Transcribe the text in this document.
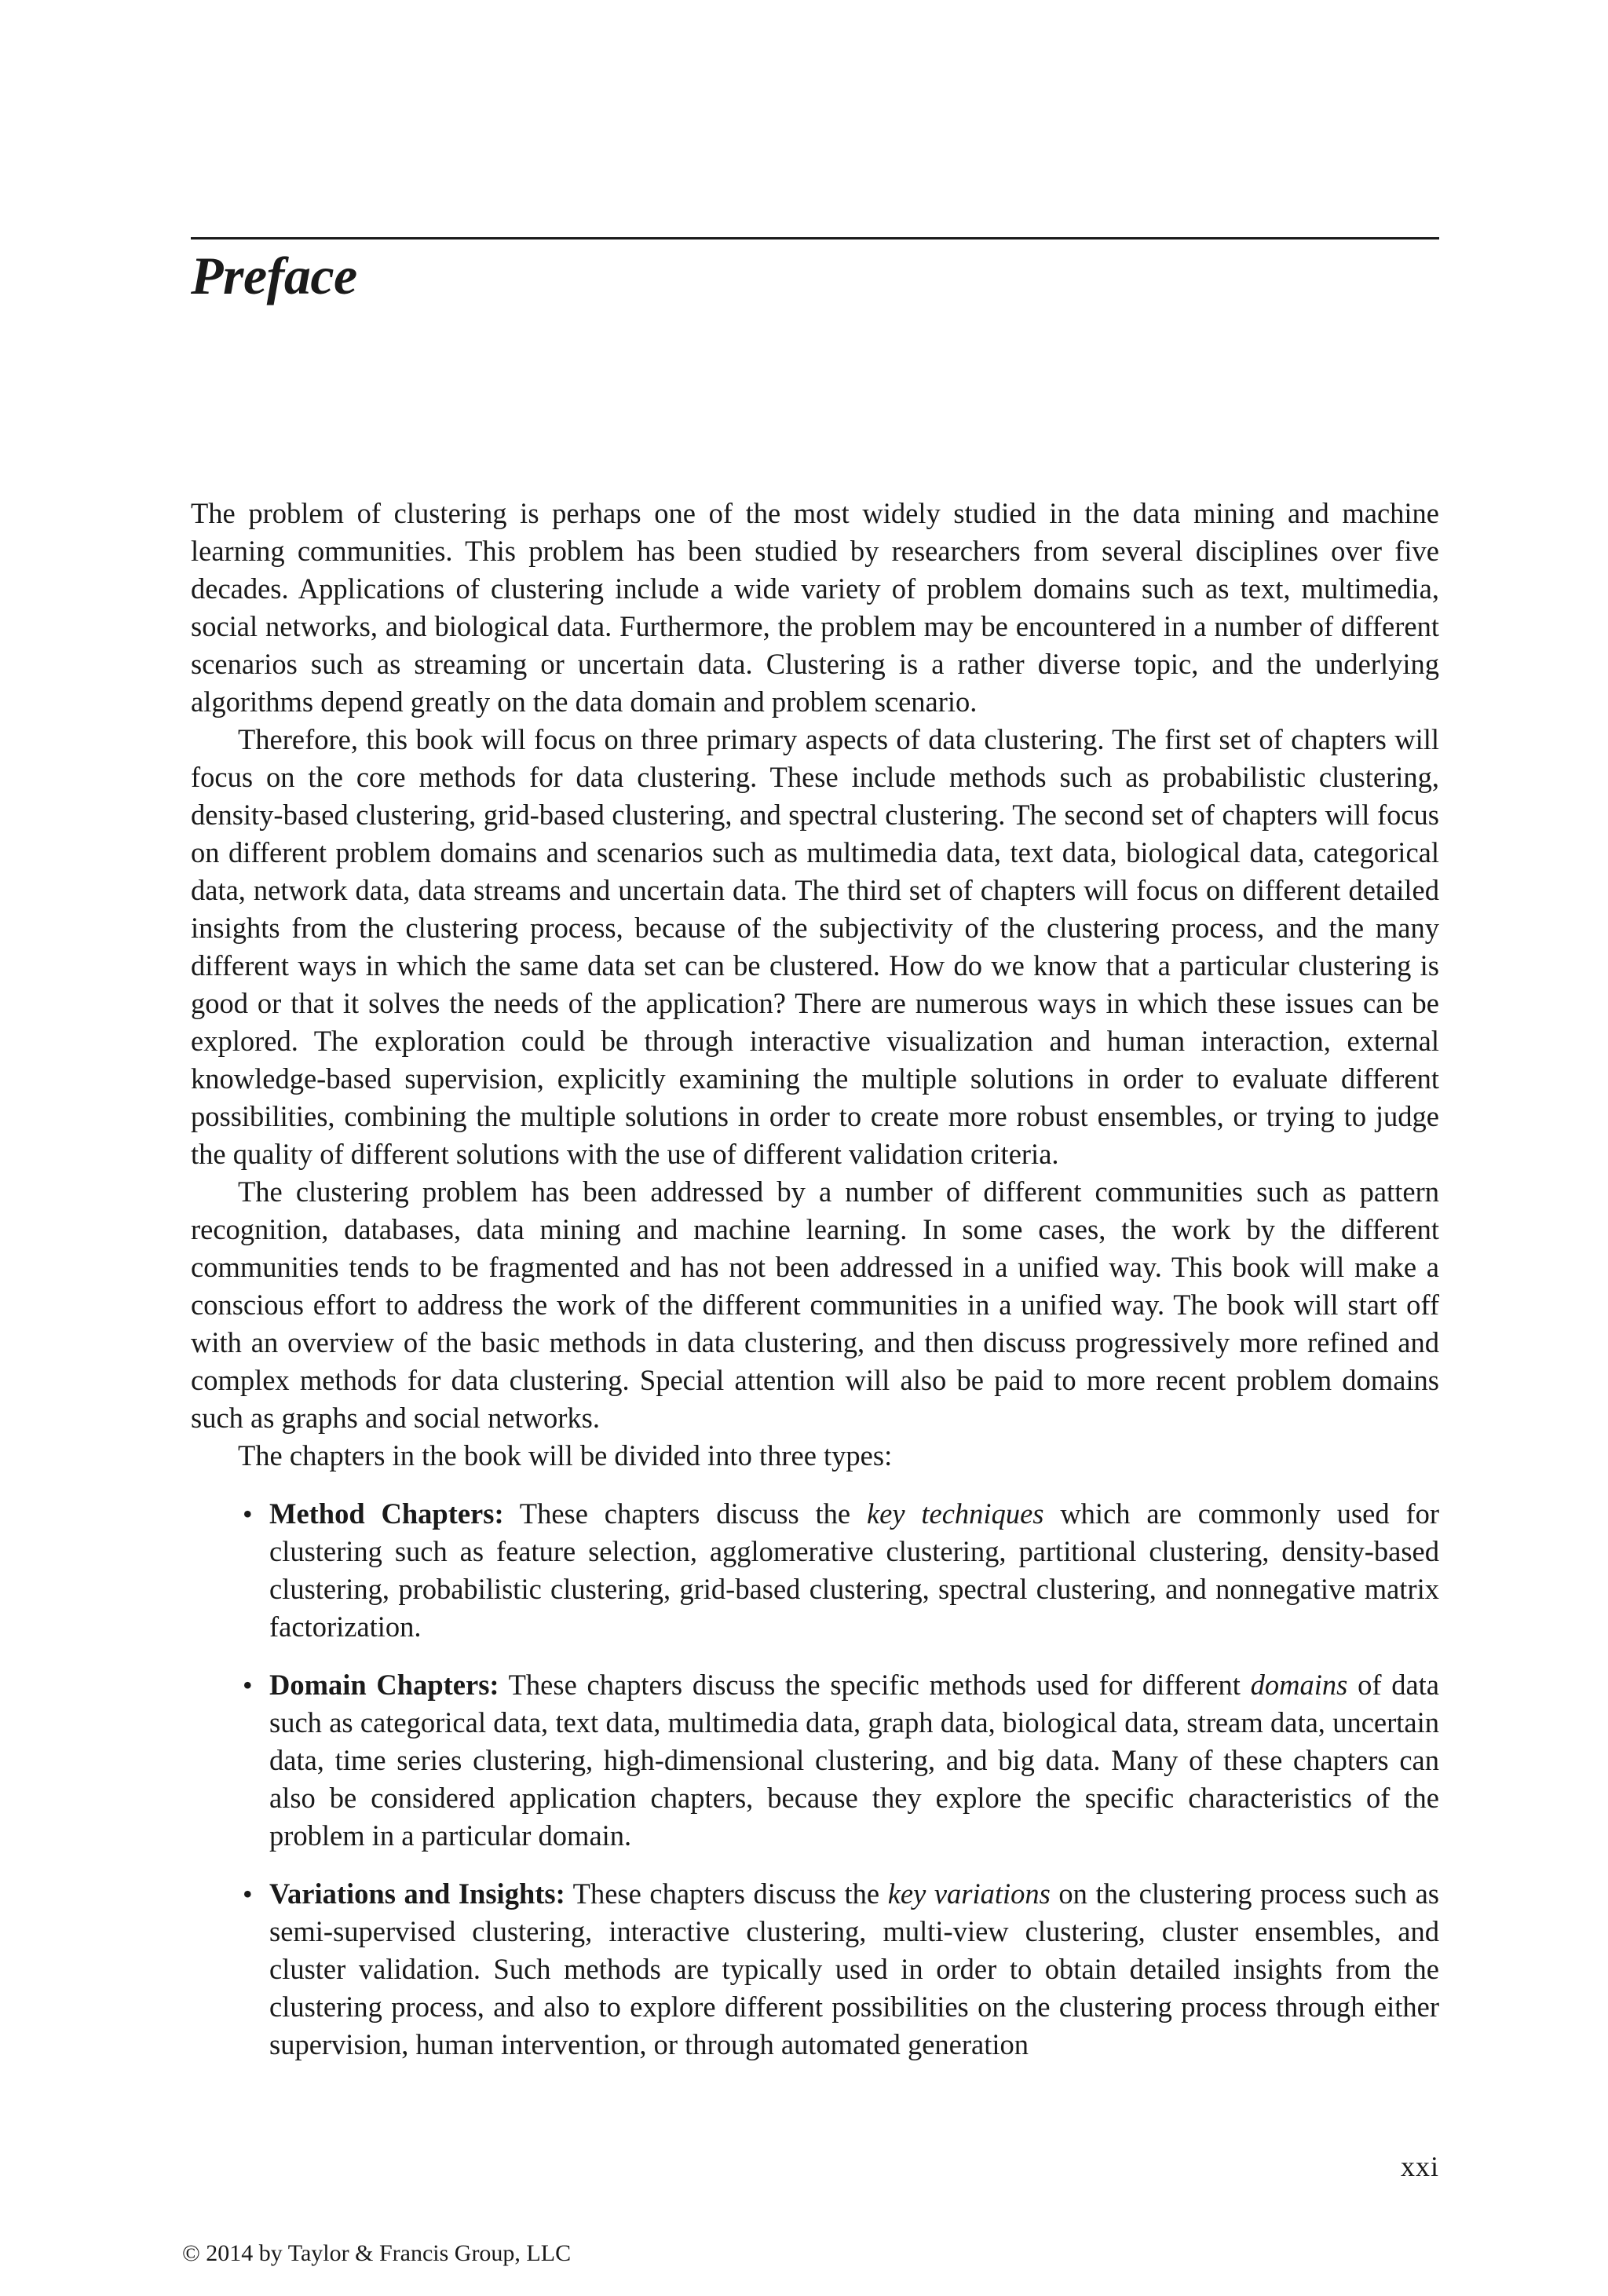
Preface

The problem of clustering is perhaps one of the most widely studied in the data mining and machine learning communities. This problem has been studied by researchers from several disciplines over five decades. Applications of clustering include a wide variety of problem domains such as text, multimedia, social networks, and biological data. Furthermore, the problem may be encountered in a number of different scenarios such as streaming or uncertain data. Clustering is a rather diverse topic, and the underlying algorithms depend greatly on the data domain and problem scenario.

Therefore, this book will focus on three primary aspects of data clustering. The first set of chapters will focus on the core methods for data clustering. These include methods such as probabilistic clustering, density-based clustering, grid-based clustering, and spectral clustering. The second set of chapters will focus on different problem domains and scenarios such as multimedia data, text data, biological data, categorical data, network data, data streams and uncertain data. The third set of chapters will focus on different detailed insights from the clustering process, because of the subjectivity of the clustering process, and the many different ways in which the same data set can be clustered. How do we know that a particular clustering is good or that it solves the needs of the application? There are numerous ways in which these issues can be explored. The exploration could be through interactive visualization and human interaction, external knowledge-based supervision, explicitly examining the multiple solutions in order to evaluate different possibilities, combining the multiple solutions in order to create more robust ensembles, or trying to judge the quality of different solutions with the use of different validation criteria.

The clustering problem has been addressed by a number of different communities such as pattern recognition, databases, data mining and machine learning. In some cases, the work by the different communities tends to be fragmented and has not been addressed in a unified way. This book will make a conscious effort to address the work of the different communities in a unified way. The book will start off with an overview of the basic methods in data clustering, and then discuss progressively more refined and complex methods for data clustering. Special attention will also be paid to more recent problem domains such as graphs and social networks.

The chapters in the book will be divided into three types:

• Method Chapters: These chapters discuss the key techniques which are commonly used for clustering such as feature selection, agglomerative clustering, partitional clustering, density-based clustering, probabilistic clustering, grid-based clustering, spectral clustering, and nonnegative matrix factorization.
• Domain Chapters: These chapters discuss the specific methods used for different domains of data such as categorical data, text data, multimedia data, graph data, biological data, stream data, uncertain data, time series clustering, high-dimensional clustering, and big data. Many of these chapters can also be considered application chapters, because they explore the specific characteristics of the problem in a particular domain.
• Variations and Insights: These chapters discuss the key variations on the clustering process such as semi-supervised clustering, interactive clustering, multi-view clustering, cluster ensembles, and cluster validation. Such methods are typically used in order to obtain detailed insights from the clustering process, and also to explore different possibilities on the clustering process through either supervision, human intervention, or through automated generation
xxi
© 2014 by Taylor & Francis Group, LLC
